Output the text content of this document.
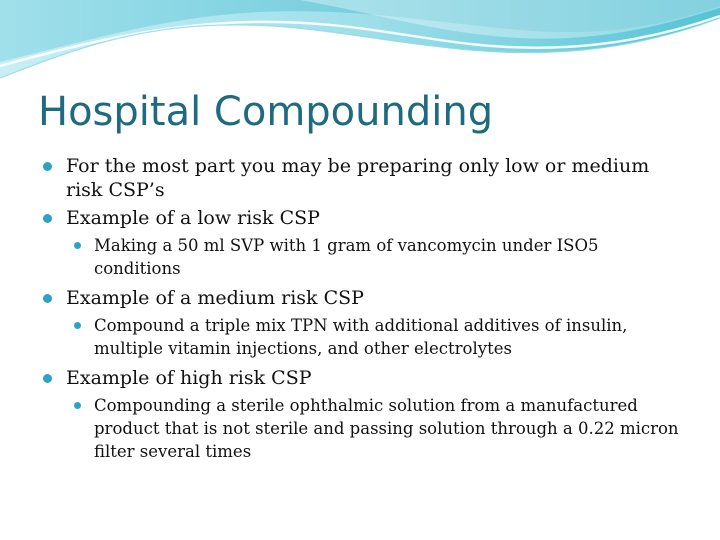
Hospital Compounding
For the most part you may be preparing only low or medium risk CSP’s
Example of a low risk CSP
Making a 50 ml SVP with 1 gram of vancomycin under ISO5 conditions
Example of a medium risk CSP
Compound a triple mix TPN with additional additives of insulin, multiple vitamin injections, and other electrolytes
Example of high risk CSP
Compounding a sterile ophthalmic solution from a manufactured product that is not sterile and passing solution through a 0.22 micron filter several times
